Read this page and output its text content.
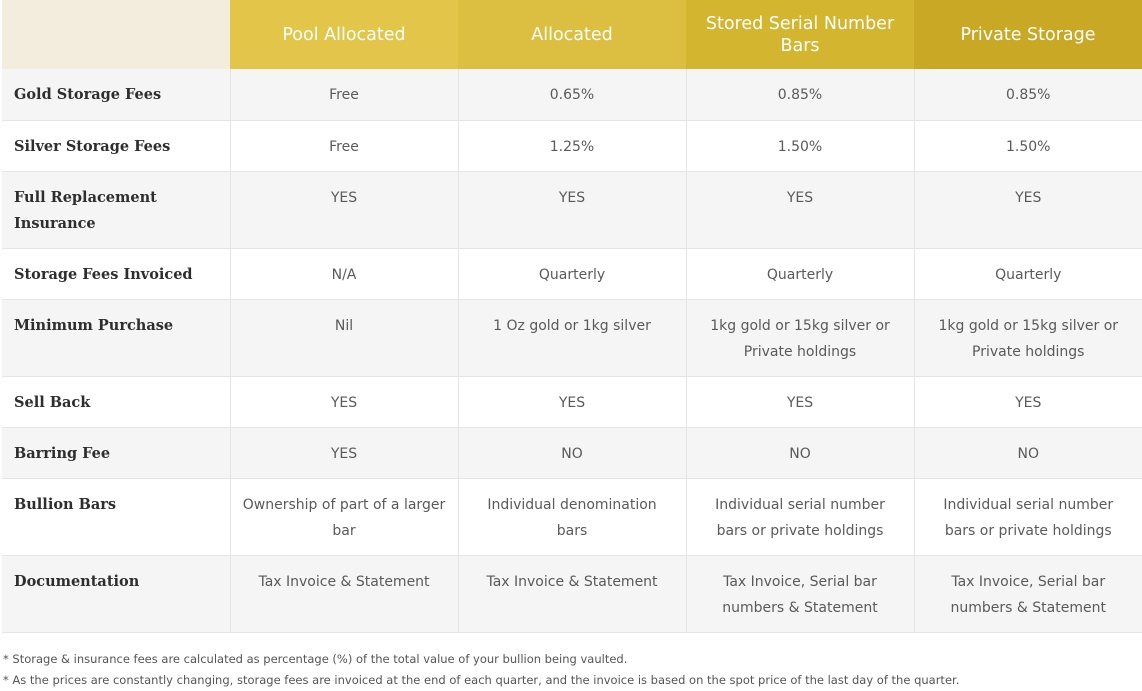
	Pool Allocated	Allocated	Stored Serial Number Bars	Private Storage
Gold Storage Fees	Free	0.65%	0.85%	0.85%
Silver Storage Fees	Free	1.25%	1.50%	1.50%
Full Replacement Insurance	YES	YES	YES	YES
Storage Fees Invoiced	N/A	Quarterly	Quarterly	Quarterly
Minimum Purchase	Nil	1 Oz gold or 1kg silver	1kg gold or 15kg silver or Private holdings	1kg gold or 15kg silver or Private holdings
Sell Back	YES	YES	YES	YES
Barring Fee	YES	NO	NO	NO
Bullion Bars	Ownership of part of a larger bar	Individual denomination bars	Individual serial number bars or private holdings	Individual serial number bars or private holdings
Documentation	Tax Invoice & Statement	Tax Invoice & Statement	Tax Invoice, Serial bar numbers & Statement	Tax Invoice, Serial bar numbers & Statement

* Storage & insurance fees are calculated as percentage (%) of the total value of your bullion being vaulted.

* As the prices are constantly changing, storage fees are invoiced at the end of each quarter, and the invoice is based on the spot price of the last day of the quarter.
